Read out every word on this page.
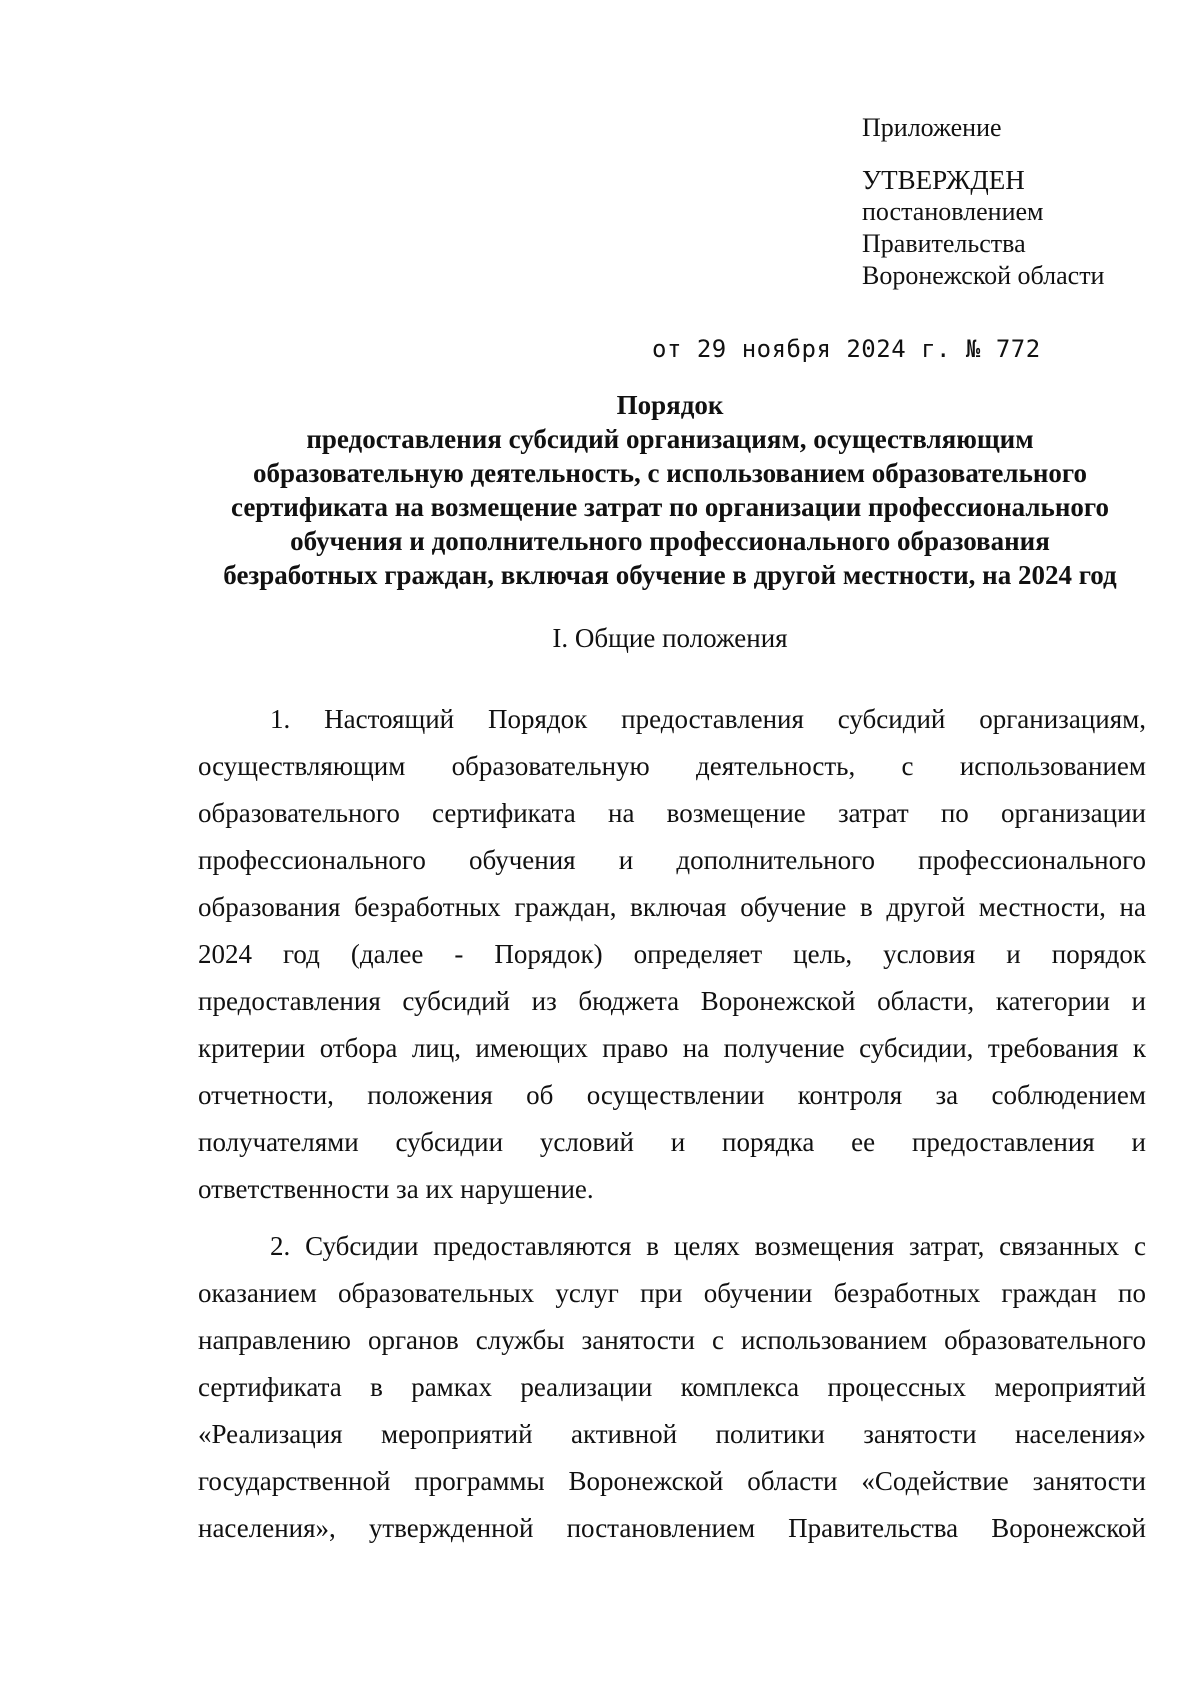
Приложение
УТВЕРЖДЕН
постановлением
Правительства
Воронежской области
от 29 ноября 2024 г. № 772
Порядок
предоставления субсидий организациям, осуществляющим
образовательную деятельность, с использованием образовательного
сертификата на возмещение затрат по организации профессионального
обучения и дополнительного профессионального образования
безработных граждан, включая обучение в другой местности, на 2024 год
I. Общие положения
1. Настоящий Порядок предоставления субсидий организациям,
осуществляющим образовательную деятельность, с использованием
образовательного сертификата на возмещение затрат по организации
профессионального обучения и дополнительного профессионального
образования безработных граждан, включая обучение в другой местности, на
2024 год (далее - Порядок) определяет цель, условия и порядок
предоставления субсидий из бюджета Воронежской области, категории и
критерии отбора лиц, имеющих право на получение субсидии, требования к
отчетности, положения об осуществлении контроля за соблюдением
получателями субсидии условий и порядка ее предоставления и
ответственности за их нарушение.
2. Субсидии предоставляются в целях возмещения затрат, связанных с
оказанием образовательных услуг при обучении безработных граждан по
направлению органов службы занятости с использованием образовательного
сертификата в рамках реализации комплекса процессных мероприятий
«Реализация мероприятий активной политики занятости населения»
государственной программы Воронежской области «Содействие занятости
населения», утвержденной постановлением Правительства Воронежской
